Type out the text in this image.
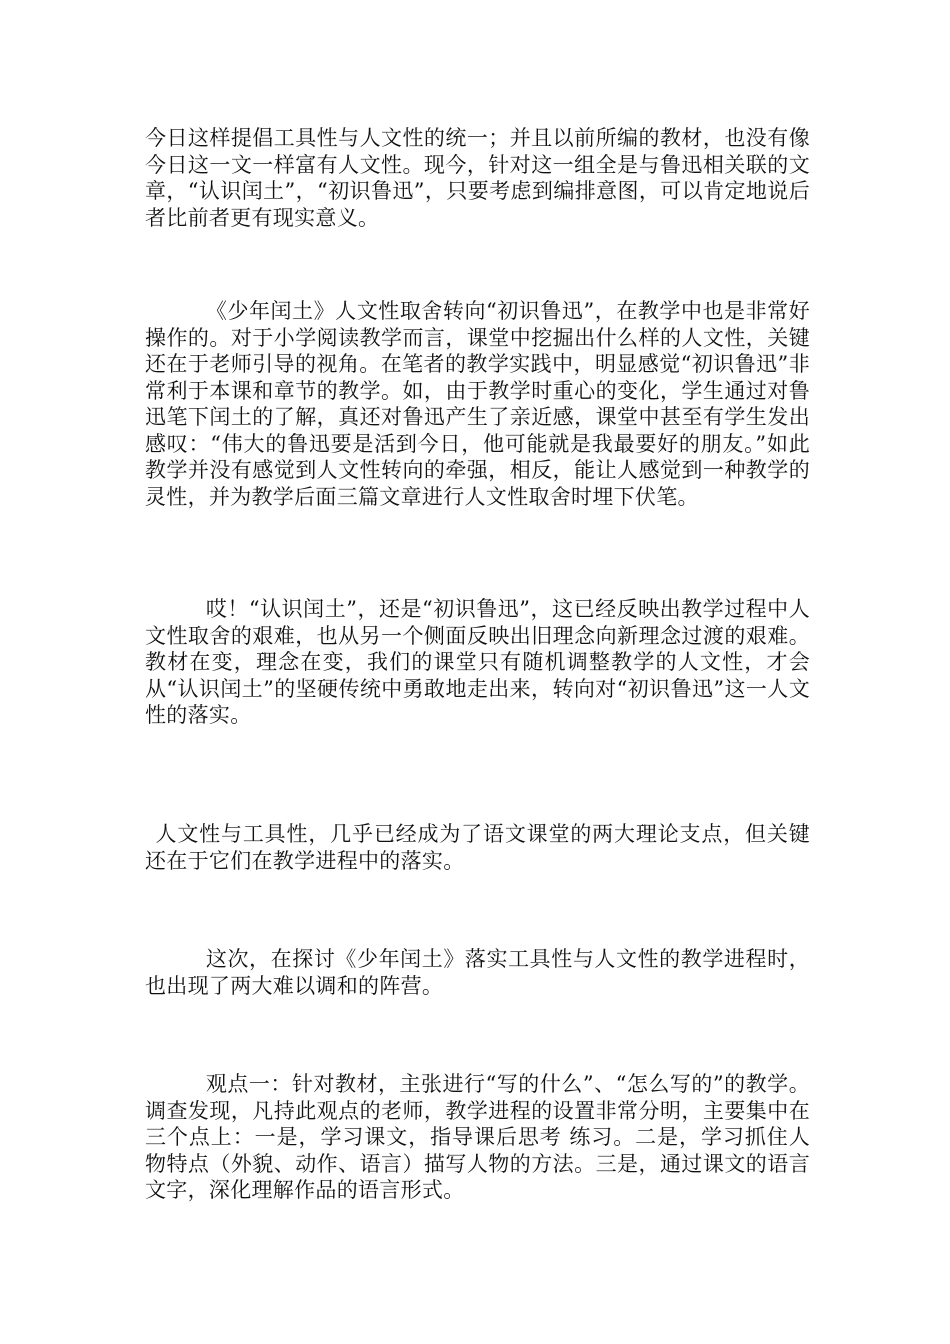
今日这样提倡工具性与人文性的统一；并且以前所编的教材，也没有像今日这一文一样富有人文性。现今，针对这一组全是与鲁迅相关联的文章，“认识闰土”，“初识鲁迅”，只要考虑到编排意图，可以肯定地说后者比前者更有现实意义。

《少年闰土》人文性取舍转向“初识鲁迅”，在教学中也是非常好操作的。对于小学阅读教学而言，课堂中挖掘出什么样的人文性，关键还在于老师引导的视角。在笔者的教学实践中，明显感觉“初识鲁迅”非常利于本课和章节的教学。如，由于教学时重心的变化，学生通过对鲁迅笔下闰土的了解，真还对鲁迅产生了亲近感，课堂中甚至有学生发出感叹：“伟大的鲁迅要是活到今日，他可能就是我最要好的朋友。”如此教学并没有感觉到人文性转向的牵强，相反，能让人感觉到一种教学的灵性，并为教学后面三篇文章进行人文性取舍时埋下伏笔。

哎！“认识闰土”，还是“初识鲁迅”，这已经反映出教学过程中人文性取舍的艰难，也从另一个侧面反映出旧理念向新理念过渡的艰难。教材在变，理念在变，我们的课堂只有随机调整教学的人文性，才会从“认识闰土”的坚硬传统中勇敢地走出来，转向对“初识鲁迅”这一人文性的落实。

人文性与工具性，几乎已经成为了语文课堂的两大理论支点，但关键还在于它们在教学进程中的落实。

这次，在探讨《少年闰土》落实工具性与人文性的教学进程时，也出现了两大难以调和的阵营。

观点一：针对教材，主张进行“写的什么”、“怎么写的”的教学。调查发现，凡持此观点的老师，教学进程的设置非常分明，主要集中在三个点上：一是，学习课文，指导课后思考 练习。二是，学习抓住人物特点（外貌、动作、语言）描写人物的方法。三是，通过课文的语言文字，深化理解作品的语言形式。
